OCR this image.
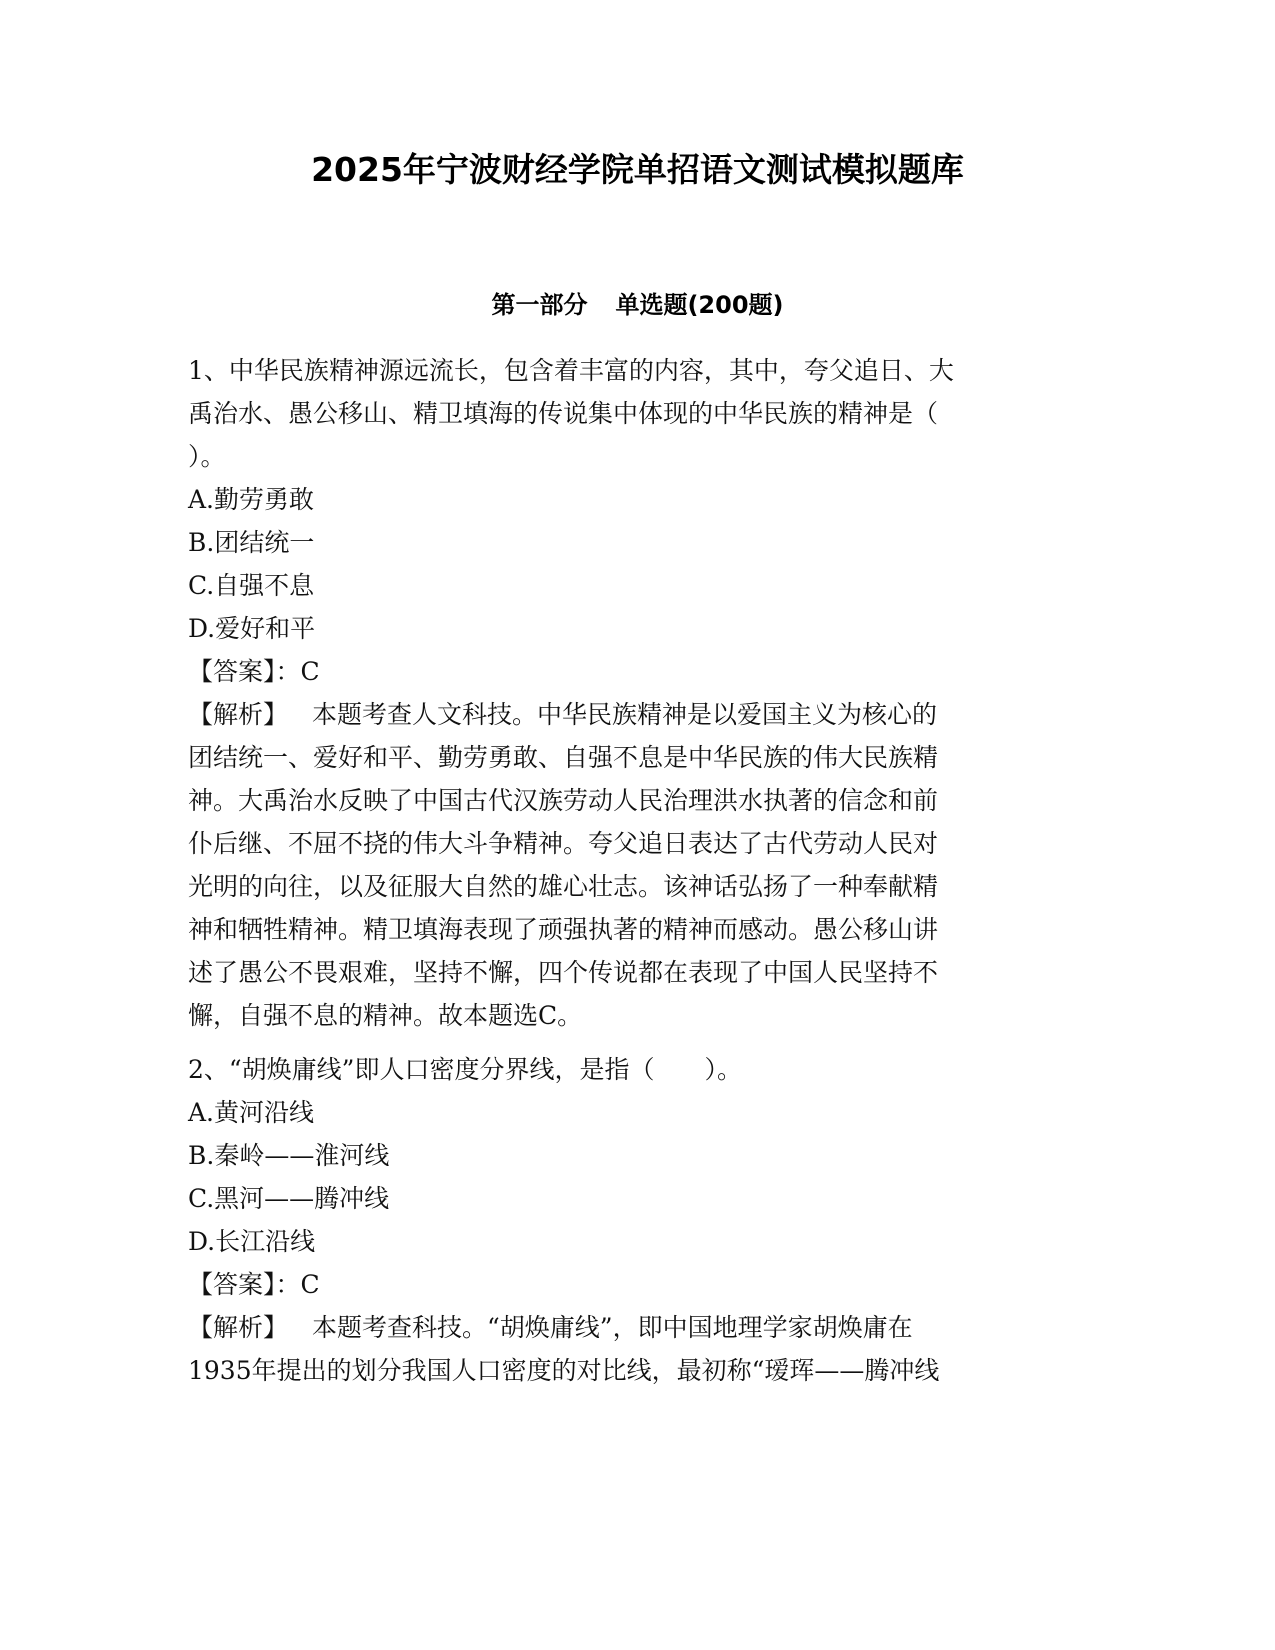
2025年宁波财经学院单招语文测试模拟题库
第一部分 单选题(200题)
1、中华民族精神源远流长，包含着丰富的内容，其中，夸父追日、大
禹治水、愚公移山、精卫填海的传说集中体现的中华民族的精神是（
）。
A.勤劳勇敢
B.团结统一
C.自强不息
D.爱好和平
【答案】：C
【解析】 本题考查人文科技。中华民族精神是以爱国主义为核心的
团结统一、爱好和平、勤劳勇敢、自强不息是中华民族的伟大民族精
神。大禹治水反映了中国古代汉族劳动人民治理洪水执著的信念和前
仆后继、不屈不挠的伟大斗争精神。夸父追日表达了古代劳动人民对
光明的向往，以及征服大自然的雄心壮志。该神话弘扬了一种奉献精
神和牺牲精神。精卫填海表现了顽强执著的精神而感动。愚公移山讲
述了愚公不畏艰难，坚持不懈，四个传说都在表现了中国人民坚持不
懈，自强不息的精神。故本题选C。
2、“胡焕庸线”即人口密度分界线，是指（　　）。
A.黄河沿线
B.秦岭——淮河线
C.黑河——腾冲线
D.长江沿线
【答案】：C
【解析】 本题考查科技。“胡焕庸线”，即中国地理学家胡焕庸在
1935年提出的划分我国人口密度的对比线，最初称“瑷珲——腾冲线
